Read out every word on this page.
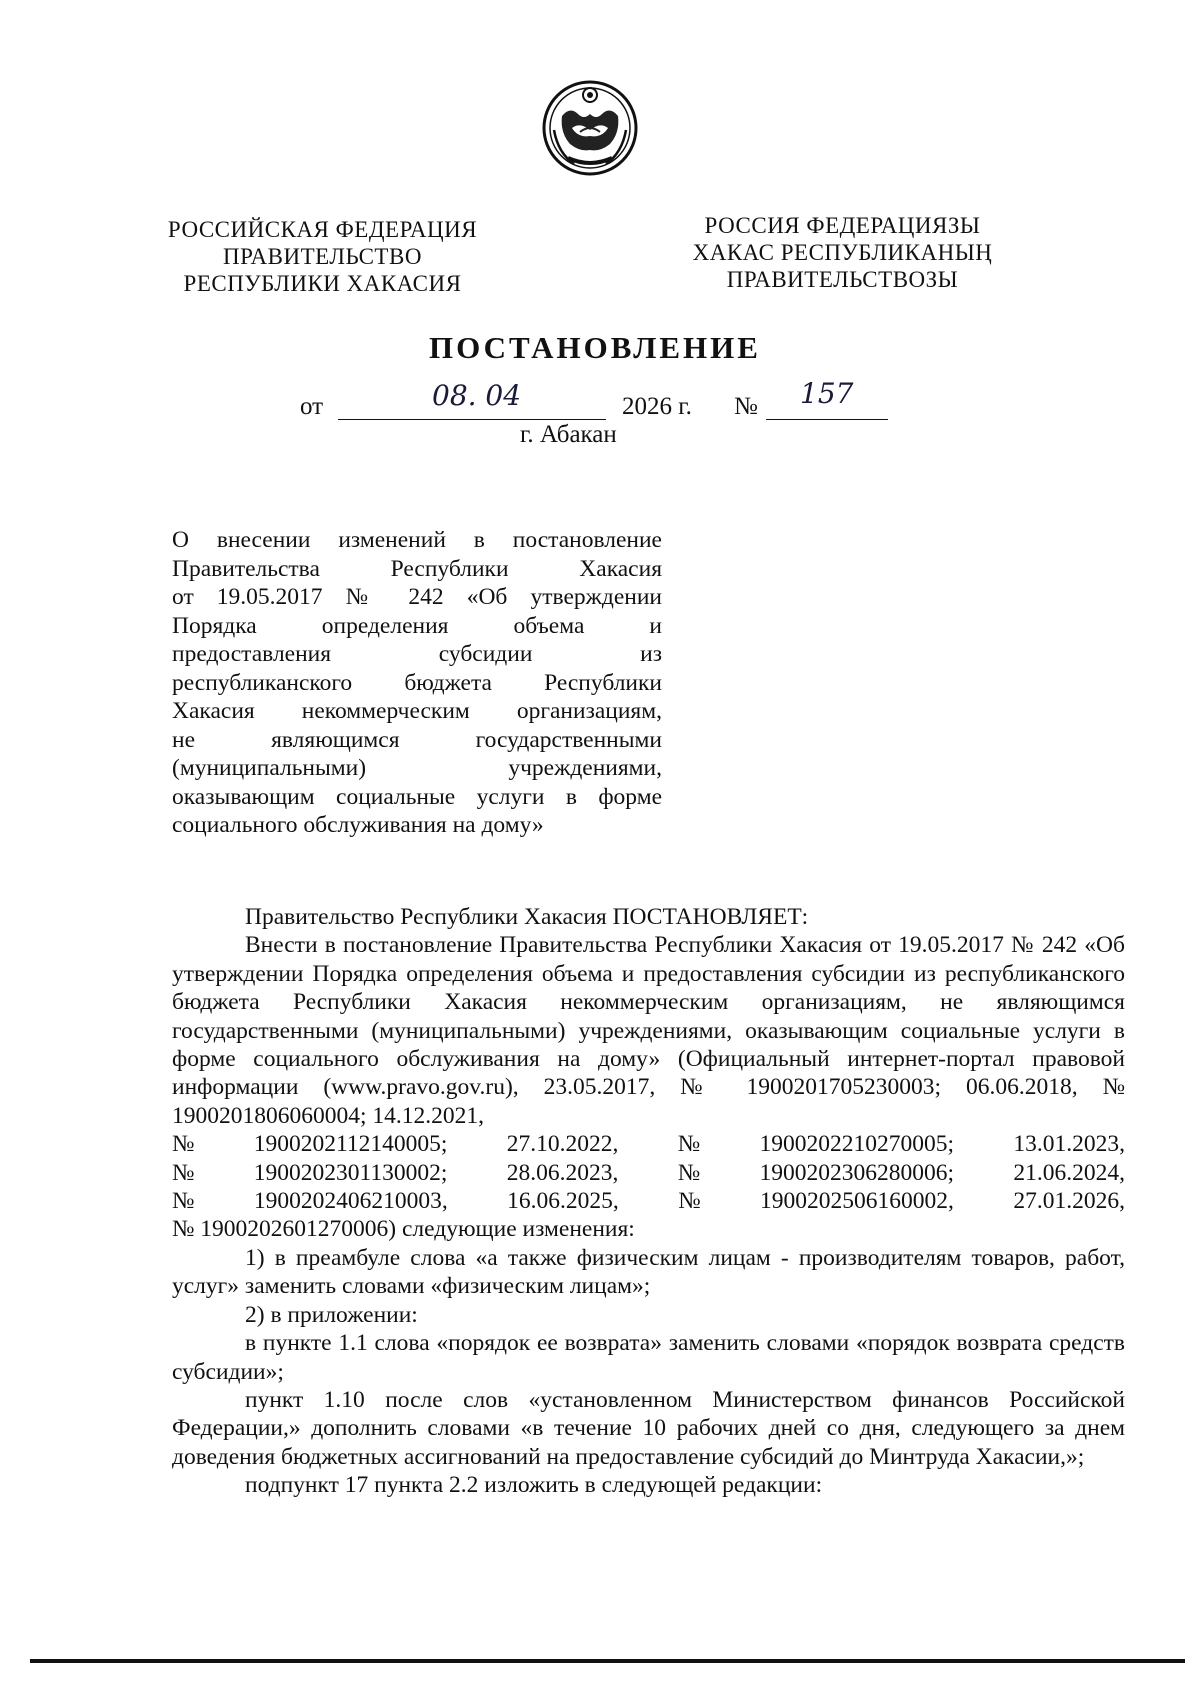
РОССИЙСКАЯ ФЕДЕРАЦИЯ
ПРАВИТЕЛЬСТВО
РЕСПУБЛИКИ ХАКАСИЯ
РОССИЯ ФЕДЕРАЦИЯЗЫ
ХАКАС РЕСПУБЛИКАНЫҢ
ПРАВИТЕЛЬСТВОЗЫ
ПОСТАНОВЛЕНИЕ
от	08. 04	2026 г. № 157
г. Абакан
О внесении изменений в постановление
Правительства Республики Хакасия
от 19.05.2017 № 242 «Об утверждении
Порядка определения объема и
предоставления субсидии из
республиканского бюджета Республики
Хакасия некоммерческим организациям,
не являющимся государственными
(муниципальными) учреждениями,
оказывающим социальные услуги в форме
социального обслуживания на дому»

Правительство Республики Хакасия ПОСТАНОВЛЯЕТ:

Внести в постановление Правительства Республики Хакасия от 19.05.2017 № 242 «Об утверждении Порядка определения объема и предоставления субсидии из республиканского бюджета Республики Хакасия некоммерческим организациям, не являющимся государственными (муниципальными) учреждениями, оказывающим социальные услуги в форме социального обслуживания на дому» (Официальный интернет-портал правовой информации (www.pravo.gov.ru), 23.05.2017, № 1900201705230003; 06.06.2018, № 1900201806060004; 14.12.2021,

№	1900202112140005;	27.10.2022,	№	1900202210270005;	13.01.2023,
№	1900202301130002;	28.06.2023,	№	1900202306280006;	21.06.2024,
№	1900202406210003,	16.06.2025,	№	1900202506160002,	27.01.2026,

№ 1900202601270006) следующие изменения:

1) в преамбуле слова «а также физическим лицам - производителям товаров, работ, услуг» заменить словами «физическим лицам»;

2) в приложении:

в пункте 1.1 слова «порядок ее возврата» заменить словами «порядок возврата средств субсидии»;

пункт 1.10 после слов «установленном Министерством финансов Российской Федерации,» дополнить словами «в течение 10 рабочих дней со дня, следующего за днем доведения бюджетных ассигнований на предоставление субсидий до Минтруда Хакасии,»;

подпункт 17 пункта 2.2 изложить в следующей редакции:
